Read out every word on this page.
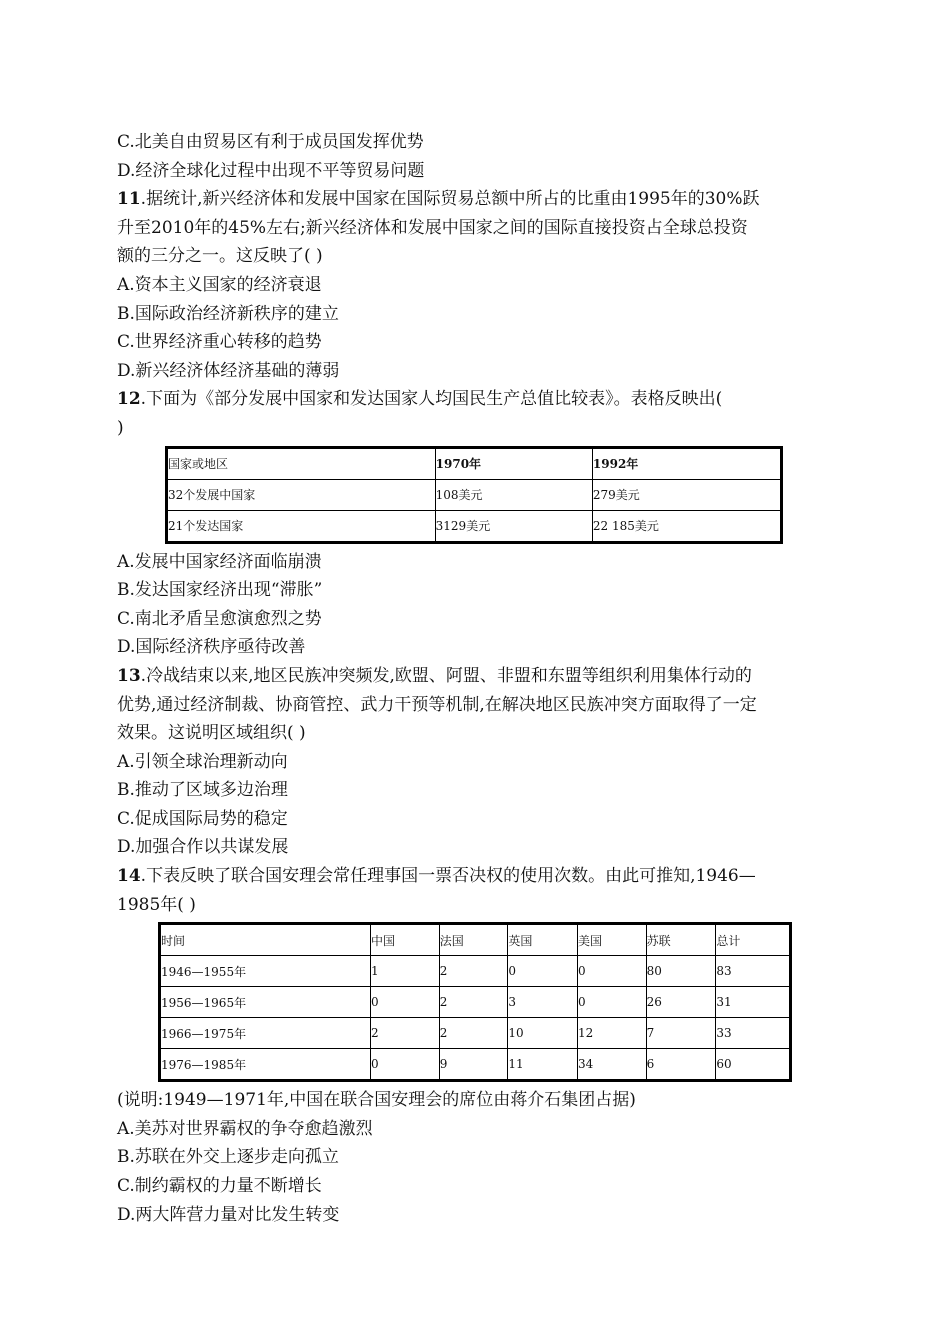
C.北美自由贸易区有利于成员国发挥优势
D.经济全球化过程中出现不平等贸易问题
11.据统计,新兴经济体和发展中国家在国际贸易总额中所占的比重由1995年的30%跃
升至2010年的45%左右;新兴经济体和发展中国家之间的国际直接投资占全球总投资
额的三分之一。这反映了( )
A.资本主义国家的经济衰退
B.国际政治经济新秩序的建立
C.世界经济重心转移的趋势
D.新兴经济体经济基础的薄弱
12.下面为《部分发展中国家和发达国家人均国民生产总值比较表》。表格反映出(
)
国家或地区	1970年	1992年
32个发展中国家	108美元	279美元
21个发达国家	3129美元	22 185美元
A.发展中国家经济面临崩溃
B.发达国家经济出现“滞胀”
C.南北矛盾呈愈演愈烈之势
D.国际经济秩序亟待改善
13.冷战结束以来,地区民族冲突频发,欧盟、阿盟、非盟和东盟等组织利用集体行动的
优势,通过经济制裁、协商管控、武力干预等机制,在解决地区民族冲突方面取得了一定
效果。这说明区域组织( )
A.引领全球治理新动向
B.推动了区域多边治理
C.促成国际局势的稳定
D.加强合作以共谋发展
14.下表反映了联合国安理会常任理事国一票否决权的使用次数。由此可推知,1946—
1985年( )
时间	中国	法国	英国	美国	苏联	总计
1946—1955年	1	2	0	0	80	83
1956—1965年	0	2	3	0	26	31
1966—1975年	2	2	10	12	7	33
1976—1985年	0	9	11	34	6	60
(说明:1949—1971年,中国在联合国安理会的席位由蒋介石集团占据)
A.美苏对世界霸权的争夺愈趋激烈
B.苏联在外交上逐步走向孤立
C.制约霸权的力量不断增长
D.两大阵营力量对比发生转变
